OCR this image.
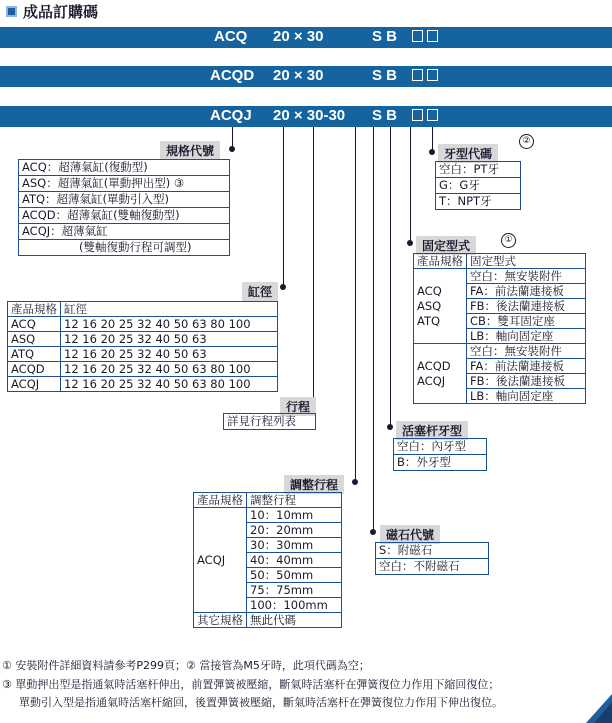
成品訂購碼
ACQ 20 × 30	S B

ACQD 20 × 30	S B

ACQJ 20 × 30-30 S B

規格代號
ACQ：超薄氣缸(復動型)
ASQ：超薄氣缸(單動押出型) ③
ATQ：超薄氣缸(單動引入型)
ACQD：超薄氣缸(雙軸復動型)
ACQJ：超薄氣缸
(雙軸復動行程可調型)
缸徑
產品規格	缸徑
ACQ	12 16 20 25 32 40 50 63 80 100
ASQ	12 16 20 25 32 40 50 63
ATQ	12 16 20 25 32 40 50 63
ACQD	12 16 20 25 32 40 50 63 80 100
ACQJ	12 16 20 25 32 40 50 63 80 100
行程
詳見行程列表
調整行程
產品規格	調整行程
ACQJ	10：10mm
	20：20mm
	30：30mm
	40：40mm
	50：50mm
	75：75mm
	100：100mm
其它規格	無此代碼
牙型代碼
②
空白：PT牙
G：G牙
T：NPT牙
固定型式	①
產品規格	固定型式

ACQ
ASQ
ATQ	空白：無安裝附件
	FA：前法蘭連接板
	FB：後法蘭連接板
	CB：雙耳固定座
	LB：軸向固定座

ACQD
ACQJ	空白：無安裝附件
	FA：前法蘭連接板
	FB：後法蘭連接板
	LB：軸向固定座
活塞杆牙型
空白：內牙型
B：外牙型
磁石代號
S：附磁石
空白：不附磁石
① 安裝附件詳細資料請參考P299頁；② 當接管為M5牙時，此項代碼為空；
③ 單動押出型是指通氣時活塞杆伸出，前置彈簧被壓縮，斷氣時活塞杆在彈簧復位力作用下縮回復位；
單動引入型是指通氣時活塞杆縮回，後置彈簧被壓縮，斷氣時活塞杆在彈簧復位力作用下伸出復位。
